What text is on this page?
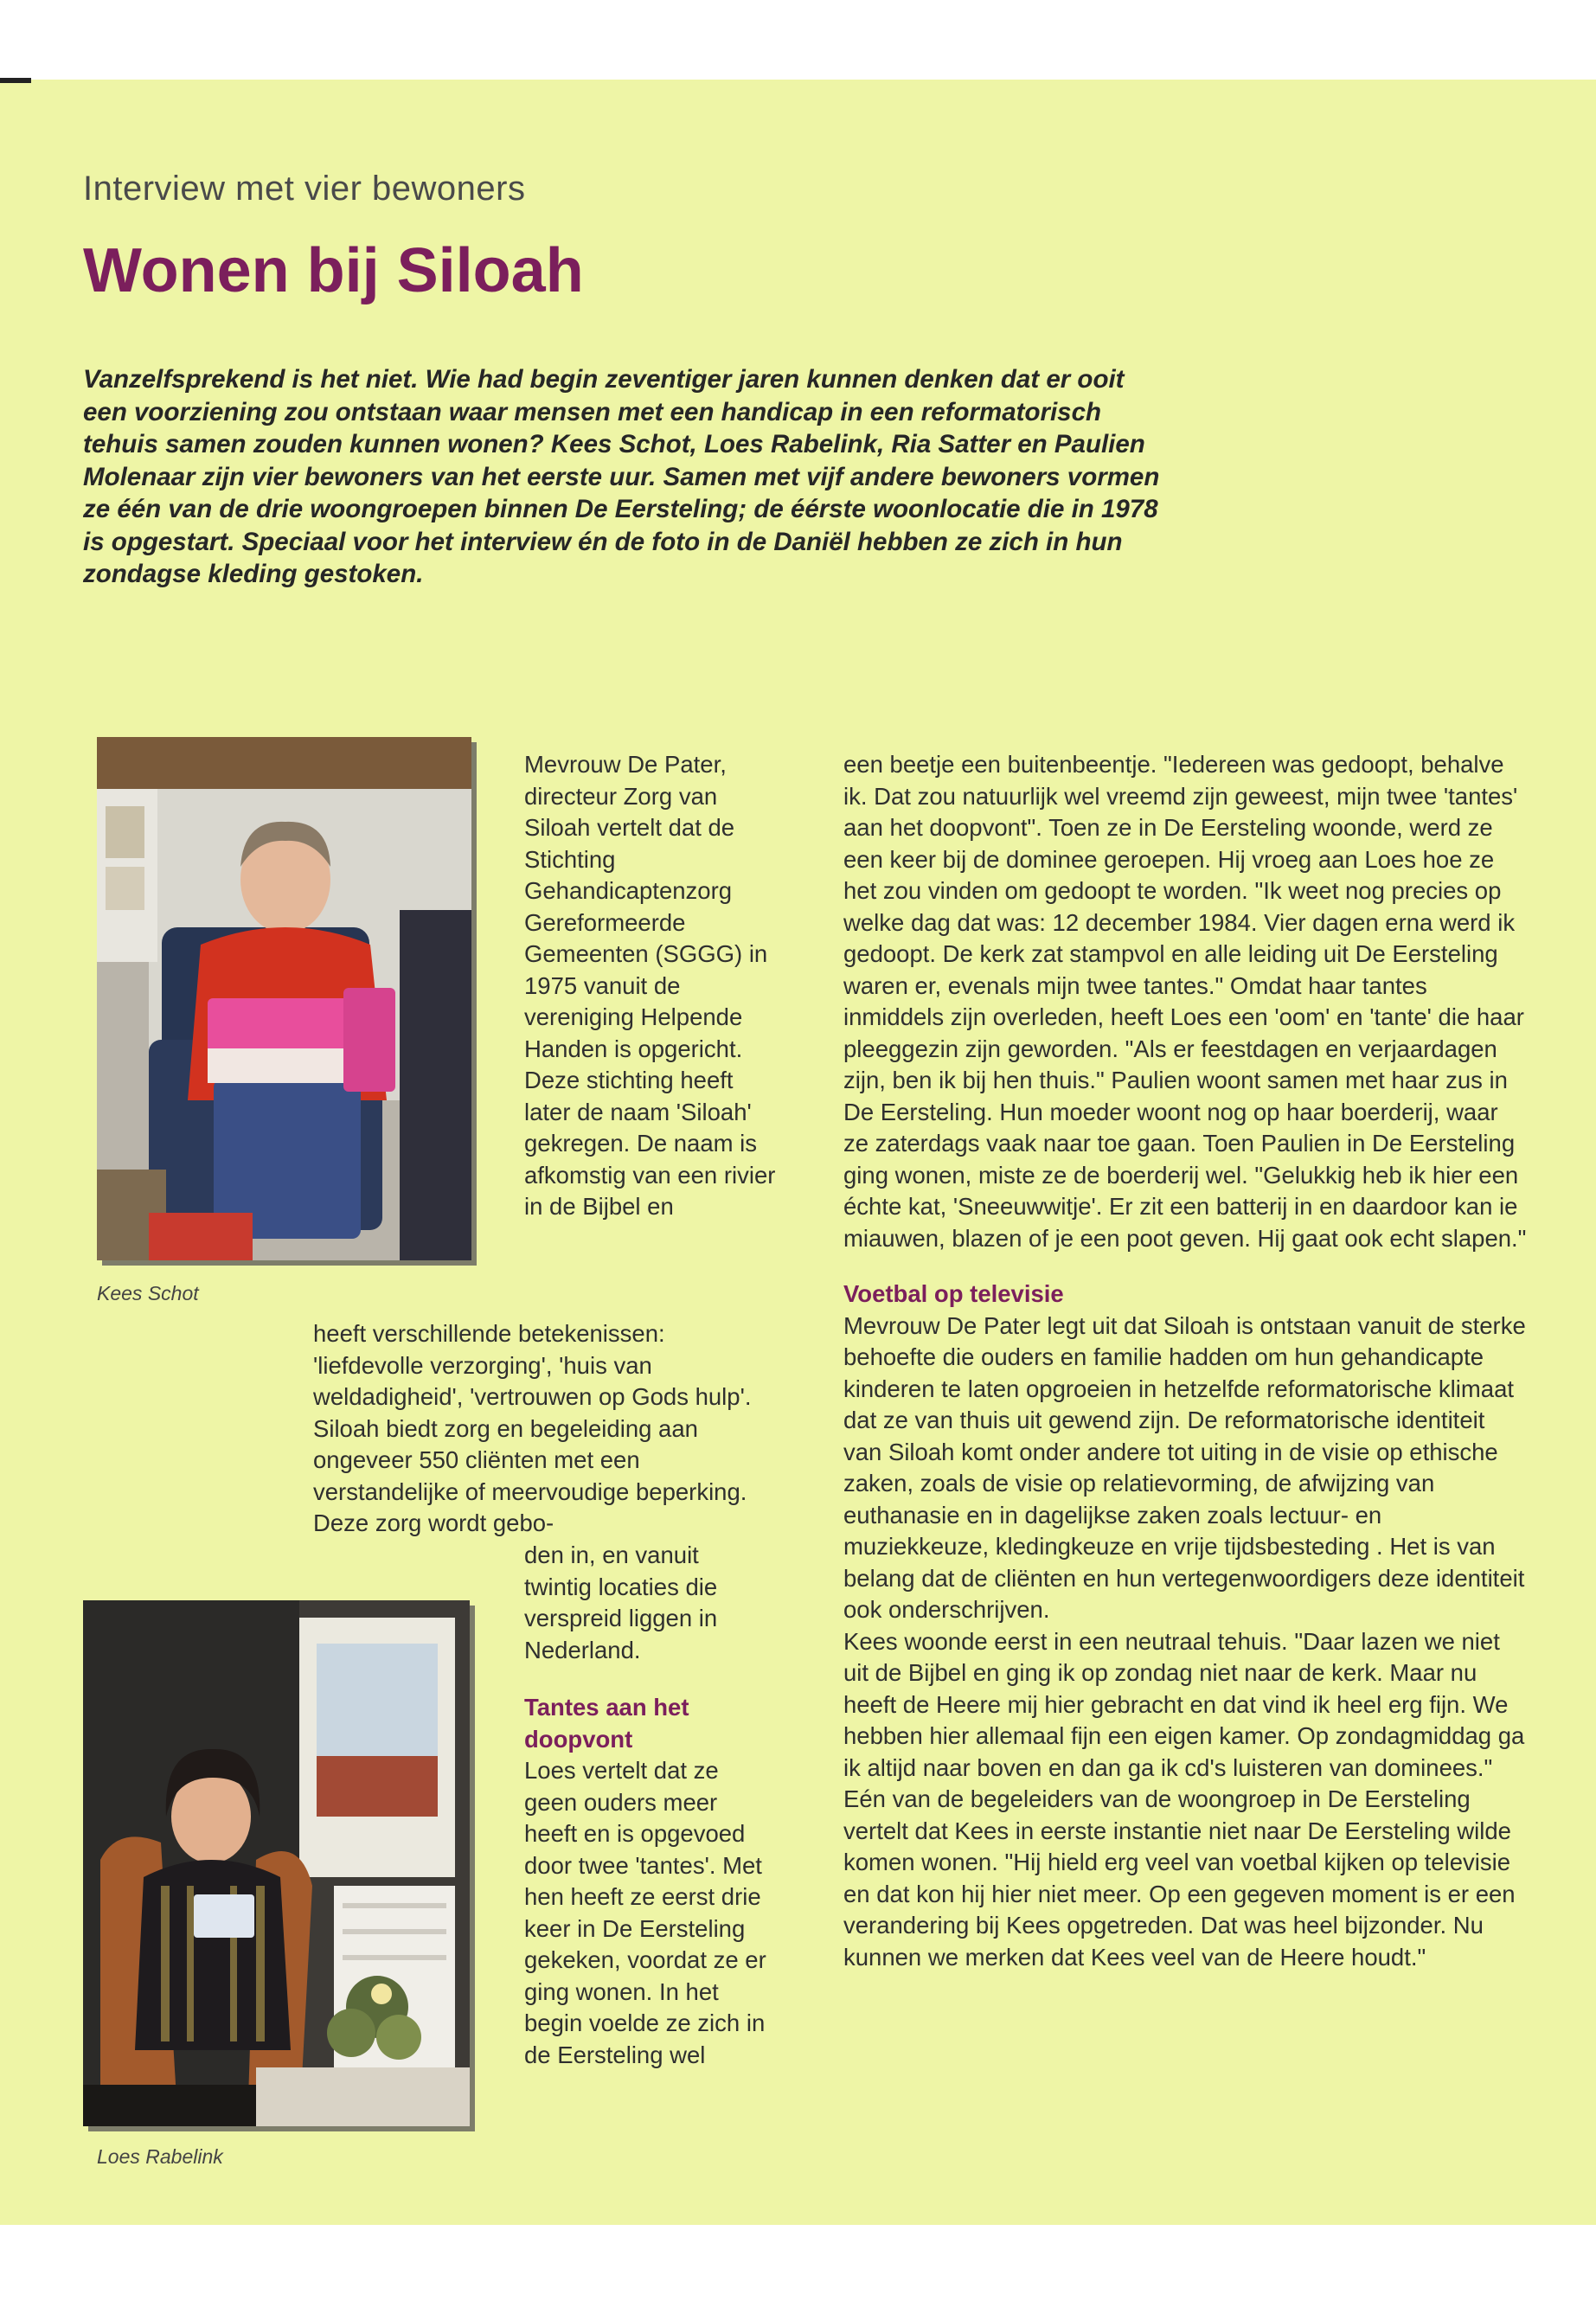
Interview met vier bewoners
Wonen bij Siloah
Vanzelfsprekend is het niet. Wie had begin zeventiger jaren kunnen denken dat er ooit een voorziening zou ontstaan waar mensen met een handicap in een reformatorisch tehuis samen zouden kunnen wonen? Kees Schot, Loes Rabelink, Ria Satter en Paulien Molenaar zijn vier bewoners van het eerste uur. Samen met vijf andere bewoners vormen ze één van de drie woongroepen binnen De Eersteling; de éérste woonlocatie die in 1978 is opgestart. Speciaal voor het interview én de foto in de Daniël hebben ze zich in hun zondagse kleding gestoken.
Kees Schot
Loes Rabelink

Mevrouw De Pater, directeur Zorg van Siloah vertelt dat de Stichting Gehandicaptenzorg Gereformeerde Gemeenten (SGGG) in 1975 vanuit de vereniging Helpende Handen is opgericht. Deze stichting heeft later de naam 'Siloah' gekregen. De naam is afkomstig van een rivier in de Bijbel en

heeft verschillende betekenissen: 'liefdevolle verzorging', 'huis van weldadigheid', 'vertrouwen op Gods hulp'. Siloah biedt zorg en begeleiding aan ongeveer 550 cliënten met een verstandelijke of meervoudige beperking. Deze zorg wordt gebo-

den in, en vanuit twintig locaties die verspreid liggen in Nederland.

Tantes aan het doopvont

Loes vertelt dat ze geen ouders meer heeft en is opgevoed door twee 'tantes'. Met hen heeft ze eerst drie keer in De Eersteling gekeken, voordat ze er ging wonen. In het begin voelde ze zich in de Eersteling wel

een beetje een buitenbeentje. "Iedereen was gedoopt, behalve ik. Dat zou natuurlijk wel vreemd zijn geweest, mijn twee 'tantes' aan het doopvont". Toen ze in De Eersteling woonde, werd ze een keer bij de dominee geroepen. Hij vroeg aan Loes hoe ze het zou vinden om gedoopt te worden. "Ik weet nog precies op welke dag dat was: 12 december 1984. Vier dagen erna werd ik gedoopt. De kerk zat stampvol en alle leiding uit De Eersteling waren er, evenals mijn twee tantes." Omdat haar tantes inmiddels zijn overleden, heeft Loes een 'oom' en 'tante' die haar pleeggezin zijn geworden. "Als er feestdagen en verjaardagen zijn, ben ik bij hen thuis." Paulien woont samen met haar zus in De Eersteling. Hun moeder woont nog op haar boerderij, waar ze zaterdags vaak naar toe gaan. Toen Paulien in De Eersteling ging wonen, miste ze de boerderij wel. "Gelukkig heb ik hier een échte kat, 'Sneeuwwitje'. Er zit een batterij in en daardoor kan ie miauwen, blazen of je een poot geven. Hij gaat ook echt slapen."

Voetbal op televisie

Mevrouw De Pater legt uit dat Siloah is ontstaan vanuit de sterke behoefte die ouders en familie hadden om hun gehandicapte kinderen te laten opgroeien in hetzelfde reformatorische klimaat dat ze van thuis uit gewend zijn. De reformatorische identiteit van Siloah komt onder andere tot uiting in de visie op ethische zaken, zoals de visie op relatievorming, de afwijzing van euthanasie en in dagelijkse zaken zoals lectuur- en muziekkeuze, kledingkeuze en vrije tijdsbesteding . Het is van belang dat de cliënten en hun vertegenwoordigers deze identiteit ook onderschrijven.

Kees woonde eerst in een neutraal tehuis. "Daar lazen we niet uit de Bijbel en ging ik op zondag niet naar de kerk. Maar nu heeft de Heere mij hier gebracht en dat vind ik heel erg fijn. We hebben hier allemaal fijn een eigen kamer. Op zondagmiddag ga ik altijd naar boven en dan ga ik cd's luisteren van dominees."

Eén van de begeleiders van de woongroep in De Eersteling vertelt dat Kees in eerste instantie niet naar De Eersteling wilde komen wonen. "Hij hield erg veel van voetbal kijken op televisie en dat kon hij hier niet meer. Op een gegeven moment is er een verandering bij Kees opgetreden. Dat was heel bijzonder. Nu kunnen we merken dat Kees veel van de Heere houdt."
